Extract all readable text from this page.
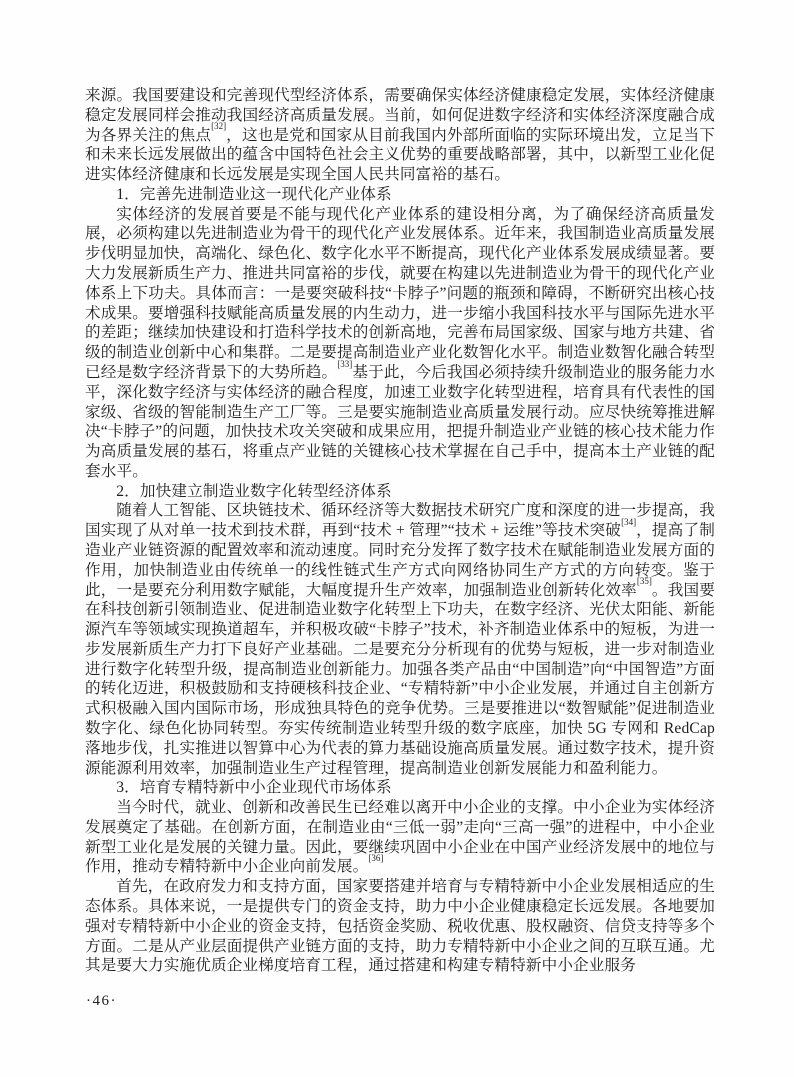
来源。我国要建设和完善现代型经济体系，需要确保实体经济健康稳定发展，实体经济健康稳定发展同样会推动我国经济高质量发展。当前，如何促进数字经济和实体经济深度融合成为各界关注的焦点[32]，这也是党和国家从目前我国内外部所面临的实际环境出发，立足当下和未来长远发展做出的蕴含中国特色社会主义优势的重要战略部署，其中，以新型工业化促进实体经济健康和长远发展是实现全国人民共同富裕的基石。
1．完善先进制造业这一现代化产业体系
实体经济的发展首要是不能与现代化产业体系的建设相分离，为了确保经济高质量发展，必须构建以先进制造业为骨干的现代化产业发展体系。近年来，我国制造业高质量发展步伐明显加快，高端化、绿色化、数字化水平不断提高，现代化产业体系发展成绩显著。要大力发展新质生产力、推进共同富裕的步伐，就要在构建以先进制造业为骨干的现代化产业体系上下功夫。具体而言：一是要突破科技“卡脖子”问题的瓶颈和障碍，不断研究出核心技术成果。要增强科技赋能高质量发展的内生动力，进一步缩小我国科技水平与国际先进水平的差距；继续加快建设和打造科学技术的创新高地，完善布局国家级、国家与地方共建、省级的制造业创新中心和集群。二是要提高制造业产业化数智化水平。制造业数智化融合转型已经是数字经济背景下的大势所趋。[33]基于此，今后我国必须持续升级制造业的服务能力水平，深化数字经济与实体经济的融合程度，加速工业数字化转型进程，培育具有代表性的国家级、省级的智能制造生产工厂等。三是要实施制造业高质量发展行动。应尽快统筹推进解决“卡脖子”的问题，加快技术攻关突破和成果应用，把提升制造业产业链的核心技术能力作为高质量发展的基石，将重点产业链的关键核心技术掌握在自己手中，提高本土产业链的配套水平。
2．加快建立制造业数字化转型经济体系
随着人工智能、区块链技术、循环经济等大数据技术研究广度和深度的进一步提高，我国实现了从对单一技术到技术群，再到“技术 + 管理”“技术 + 运维”等技术突破[34]，提高了制造业产业链资源的配置效率和流动速度。同时充分发挥了数字技术在赋能制造业发展方面的作用，加快制造业由传统单一的线性链式生产方式向网络协同生产方式的方向转变。鉴于此，一是要充分利用数字赋能，大幅度提升生产效率，加强制造业创新转化效率[35]。我国要在科技创新引领制造业、促进制造业数字化转型上下功夫，在数字经济、光伏太阳能、新能源汽车等领域实现换道超车，并积极攻破“卡脖子”技术，补齐制造业体系中的短板，为进一步发展新质生产力打下良好产业基础。二是要充分分析现有的优势与短板，进一步对制造业进行数字化转型升级，提高制造业创新能力。加强各类产品由“中国制造”向“中国智造”方面的转化迈进，积极鼓励和支持硬核科技企业、“专精特新”中小企业发展，并通过自主创新方式积极融入国内国际市场，形成独具特色的竞争优势。三是要推进以“数智赋能”促进制造业数字化、绿色化协同转型。夯实传统制造业转型升级的数字底座，加快 5G 专网和 RedCap 落地步伐，扎实推进以智算中心为代表的算力基础设施高质量发展。通过数字技术，提升资源能源利用效率，加强制造业生产过程管理，提高制造业创新发展能力和盈利能力。
3．培育专精特新中小企业现代市场体系
当今时代，就业、创新和改善民生已经难以离开中小企业的支撑。中小企业为实体经济发展奠定了基础。在创新方面，在制造业由“三低一弱”走向“三高一强”的进程中，中小企业新型工业化是发展的关键力量。因此，要继续巩固中小企业在中国产业经济发展中的地位与作用，推动专精特新中小企业向前发展。[36]
首先，在政府发力和支持方面，国家要搭建并培育与专精特新中小企业发展相适应的生态体系。具体来说，一是提供专门的资金支持，助力中小企业健康稳定长远发展。各地要加强对专精特新中小企业的资金支持，包括资金奖励、税收优惠、股权融资、信贷支持等多个方面。二是从产业层面提供产业链方面的支持，助力专精特新中小企业之间的互联互通。尤其是要大力实施优质企业梯度培育工程，通过搭建和构建专精特新中小企业服务
·46·
